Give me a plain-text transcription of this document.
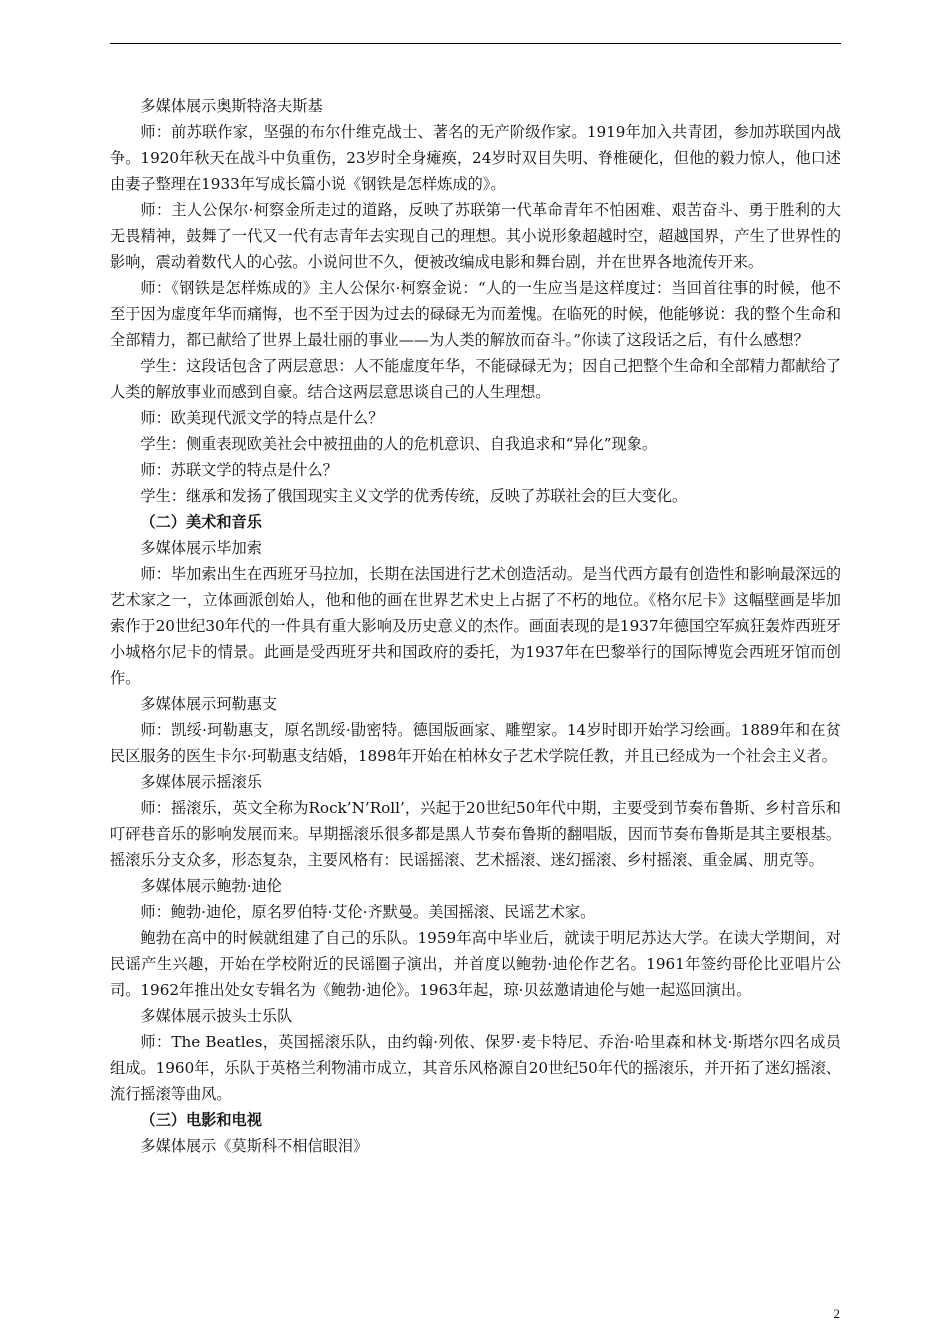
多媒体展示奥斯特洛夫斯基

师：前苏联作家，坚强的布尔什维克战士、著名的无产阶级作家。1919年加入共青团，参加苏联国内战争。1920年秋天在战斗中负重伤，23岁时全身瘫痪，24岁时双目失明、脊椎硬化，但他的毅力惊人，他口述由妻子整理在1933年写成长篇小说《钢铁是怎样炼成的》。

师：主人公保尔·柯察金所走过的道路，反映了苏联第一代革命青年不怕困难、艰苦奋斗、勇于胜利的大无畏精神，鼓舞了一代又一代有志青年去实现自己的理想。其小说形象超越时空，超越国界，产生了世界性的影响，震动着数代人的心弦。小说问世不久，便被改编成电影和舞台剧，并在世界各地流传开来。

师：《钢铁是怎样炼成的》主人公保尔·柯察金说：“人的一生应当是这样度过：当回首往事的时候，他不至于因为虚度年华而痛悔，也不至于因为过去的碌碌无为而羞愧。在临死的时候，他能够说：我的整个生命和全部精力，都已献给了世界上最壮丽的事业——为人类的解放而奋斗。”你读了这段话之后，有什么感想？

学生：这段话包含了两层意思：人不能虚度年华，不能碌碌无为；因自己把整个生命和全部精力都献给了人类的解放事业而感到自豪。结合这两层意思谈自己的人生理想。

师：欧美现代派文学的特点是什么？

学生：侧重表现欧美社会中被扭曲的人的危机意识、自我追求和“异化”现象。

师：苏联文学的特点是什么？

学生：继承和发扬了俄国现实主义文学的优秀传统，反映了苏联社会的巨大变化。

（二）美术和音乐

多媒体展示毕加索

师：毕加索出生在西班牙马拉加，长期在法国进行艺术创造活动。是当代西方最有创造性和影响最深远的艺术家之一，立体画派创始人，他和他的画在世界艺术史上占据了不朽的地位。《格尔尼卡》这幅壁画是毕加索作于20世纪30年代的一件具有重大影响及历史意义的杰作。画面表现的是1937年德国空军疯狂轰炸西班牙小城格尔尼卡的情景。此画是受西班牙共和国政府的委托，为1937年在巴黎举行的国际博览会西班牙馆而创作。

多媒体展示珂勒惠支

师：凯绥·珂勒惠支，原名凯绥·勖密特。德国版画家、雕塑家。14岁时即开始学习绘画。1889年和在贫民区服务的医生卡尔·珂勒惠支结婚，1898年开始在柏林女子艺术学院任教，并且已经成为一个社会主义者。

多媒体展示摇滚乐

师：摇滚乐，英文全称为Rock’N’Roll’，兴起于20世纪50年代中期，主要受到节奏布鲁斯、乡村音乐和叮砰巷音乐的影响发展而来。早期摇滚乐很多都是黑人节奏布鲁斯的翻唱版，因而节奏布鲁斯是其主要根基。摇滚乐分支众多，形态复杂，主要风格有：民谣摇滚、艺术摇滚、迷幻摇滚、乡村摇滚、重金属、朋克等。

多媒体展示鲍勃·迪伦

师：鲍勃·迪伦，原名罗伯特·艾伦·齐默曼。美国摇滚、民谣艺术家。

鲍勃在高中的时候就组建了自己的乐队。1959年高中毕业后，就读于明尼苏达大学。在读大学期间，对民谣产生兴趣，开始在学校附近的民谣圈子演出，并首度以鲍勃·迪伦作艺名。1961年签约哥伦比亚唱片公司。1962年推出处女专辑名为《鲍勃·迪伦》。1963年起，琼·贝兹邀请迪伦与她一起巡回演出。

多媒体展示披头士乐队

师：The Beatles，英国摇滚乐队，由约翰·列侬、保罗·麦卡特尼、乔治·哈里森和林戈·斯塔尔四名成员组成。1960年，乐队于英格兰利物浦市成立，其音乐风格源自20世纪50年代的摇滚乐，并开拓了迷幻摇滚、流行摇滚等曲风。

（三）电影和电视

多媒体展示《莫斯科不相信眼泪》

2
